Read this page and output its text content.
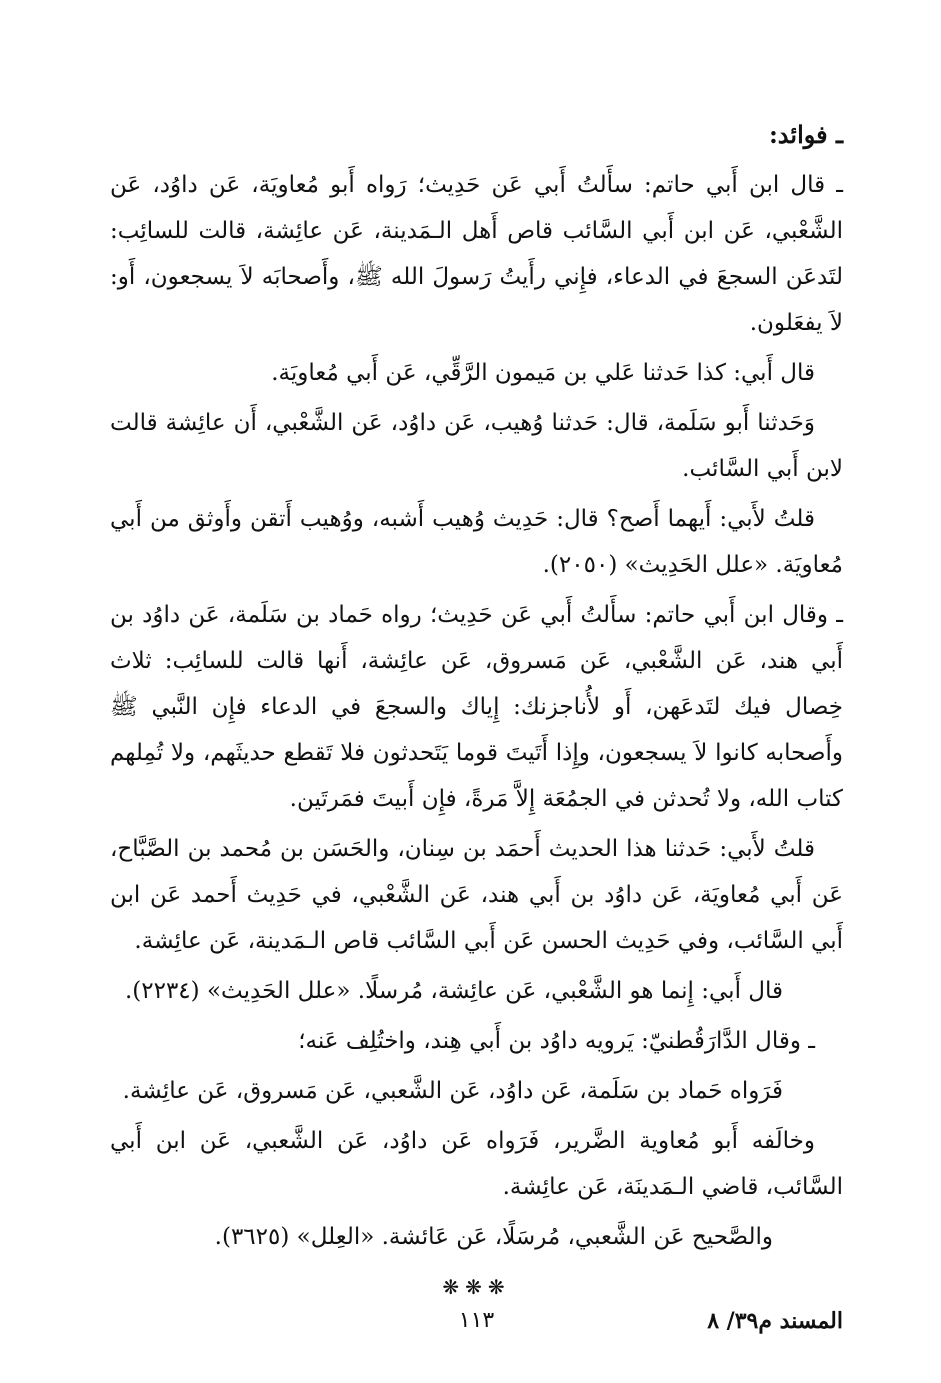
ـ فوائد:

ـ قال ابن أَبي حاتم: سأَلتُ أَبي عَن حَدِيث؛ رَواه أَبو مُعاويَة، عَن داوُد، عَن الشَّعْبي، عَن ابن أَبي السَّائب قاص أَهل الـمَدينة، عَن عائِشة، قالت للسائِب: لتَدعَن السجعَ في الدعاء، فإِني رأَيتُ رَسولَ الله ﷺ، وأَصحابَه لاَ يسجعون، أَو: لاَ يفعَلون.

قال أَبي: كذا حَدثنا عَلي بن مَيمون الرَّقِّي، عَن أَبي مُعاويَة.

وَحَدثنا أَبو سَلَمة، قال: حَدثنا وُهيب، عَن داوُد، عَن الشَّعْبي، أَن عائِشة قالت لابن أَبي السَّائب.

قلتُ لأَبي: أَيهما أَصح؟ قال: حَدِيث وُهيب أَشبه، ووُهيب أَتقن وأَوثق من أَبي مُعاويَة. «علل الحَدِيث» (٢٠٥٠).

ـ وقال ابن أَبي حاتم: سأَلتُ أَبي عَن حَدِيث؛ رواه حَماد بن سَلَمة، عَن داوُد بن أَبي هند، عَن الشَّعْبي، عَن مَسروق، عَن عائِشة، أَنها قالت للسائِب: ثلاث خِصال فيك لتَدعَهن، أَو لأُناجزنك: إِياك والسجعَ في الدعاء فإِن النَّبي ﷺ وأَصحابه كانوا لاَ يسجعون، وإِذا أَتَيتَ قوما يَتَحدثون فلا تَقطع حديثَهم، ولا تُمِلهم كتاب الله، ولا تُحدثن في الجمُعَة إِلاَّ مَرةً، فإِن أَبيتَ فمَرتَين.

قلتُ لأَبي: حَدثنا هذا الحديث أَحمَد بن سِنان، والحَسَن بن مُحمد بن الصَّبَّاح، عَن أَبي مُعاويَة، عَن داوُد بن أَبي هند، عَن الشَّعْبي، في حَدِيث أَحمد عَن ابن أَبي السَّائب، وفي حَدِيث الحسن عَن أَبي السَّائب قاص الـمَدينة، عَن عائِشة.

قال أَبي: إِنما هو الشَّعْبي، عَن عائِشة، مُرسلًا. «علل الحَدِيث» (٢٢٣٤).

ـ وقال الدَّارَقُطنيّ: يَرويه داوُد بن أَبي هِند، واختُلِف عَنه؛

فَرَواه حَماد بن سَلَمة، عَن داوُد، عَن الشَّعبي، عَن مَسروق، عَن عائِشة.

وخالَفه أَبو مُعاوية الضَّرير، فَرَواه عَن داوُد، عَن الشَّعبي، عَن ابن أَبي السَّائب، قاضي الـمَدينَة، عَن عائِشة.

والصَّحيح عَن الشَّعبي، مُرسَلًا، عَن عَائشة. «العِلل» (٣٦٢٥).

❋❋❋
المسند م٣٩/ ٨
١١٣
